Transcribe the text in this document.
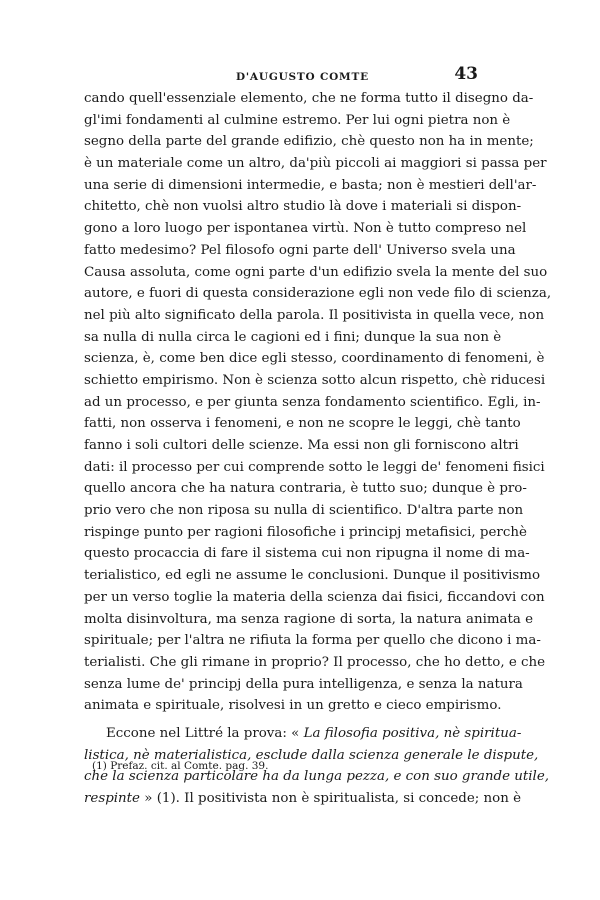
D'AUGUSTO COMTE	43
cando quell'essenziale elemento, che ne forma tutto il disegno da-
gl'imi fondamenti al culmine estremo. Per lui ogni pietra non è
segno della parte del grande edifizio, chè questo non ha in mente;
è un materiale come un altro, da'più piccoli ai maggiori si passa per
una serie di dimensioni intermedie, e basta; non è mestieri dell'ar-
chitetto, chè non vuolsi altro studio là dove i materiali si dispon-
gono a loro luogo per ispontanea virtù. Non è tutto compreso nel
fatto medesimo? Pel filosofo ogni parte dell' Universo svela una
Causa assoluta, come ogni parte d'un edifizio svela la mente del suo
autore, e fuori di questa considerazione egli non vede filo di scienza,
nel più alto significato della parola. Il positivista in quella vece, non
sa nulla di nulla circa le cagioni ed i fini; dunque la sua non è
scienza, è, come ben dice egli stesso, coordinamento di fenomeni, è
schietto empirismo. Non è scienza sotto alcun rispetto, chè riducesi
ad un processo, e per giunta senza fondamento scientifico. Egli, in-
fatti, non osserva i fenomeni, e non ne scopre le leggi, chè tanto
fanno i soli cultori delle scienze. Ma essi non gli forniscono altri
dati: il processo per cui comprende sotto le leggi de' fenomeni fisici
quello ancora che ha natura contraria, è tutto suo; dunque è pro-
prio vero che non riposa su nulla di scientifico. D'altra parte non
rispinge punto per ragioni filosofiche i principj metafisici, perchè
questo procaccia di fare il sistema cui non ripugna il nome di ma-
terialistico, ed egli ne assume le conclusioni. Dunque il positivismo
per un verso toglie la materia della scienza dai fisici, ficcandovi con
molta disinvoltura, ma senza ragione di sorta, la natura animata e
spirituale; per l'altra ne rifiuta la forma per quello che dicono i ma-
terialisti. Che gli rimane in proprio? Il processo, che ho detto, e che
senza lume de' principj della pura intelligenza, e senza la natura
animata e spirituale, risolvesi in un gretto e cieco empirismo.
Eccone nel Littré la prova: « La filosofia positiva, nè spiritua-
listica, nè materialistica, esclude dalla scienza generale le dispute,
che la scienza particolare ha da lunga pezza, e con suo grande utile,
respinte » (1). Il positivista non è spiritualista, si concede; non è
(1) Prefaz. cit. al Comte. pag. 39.
